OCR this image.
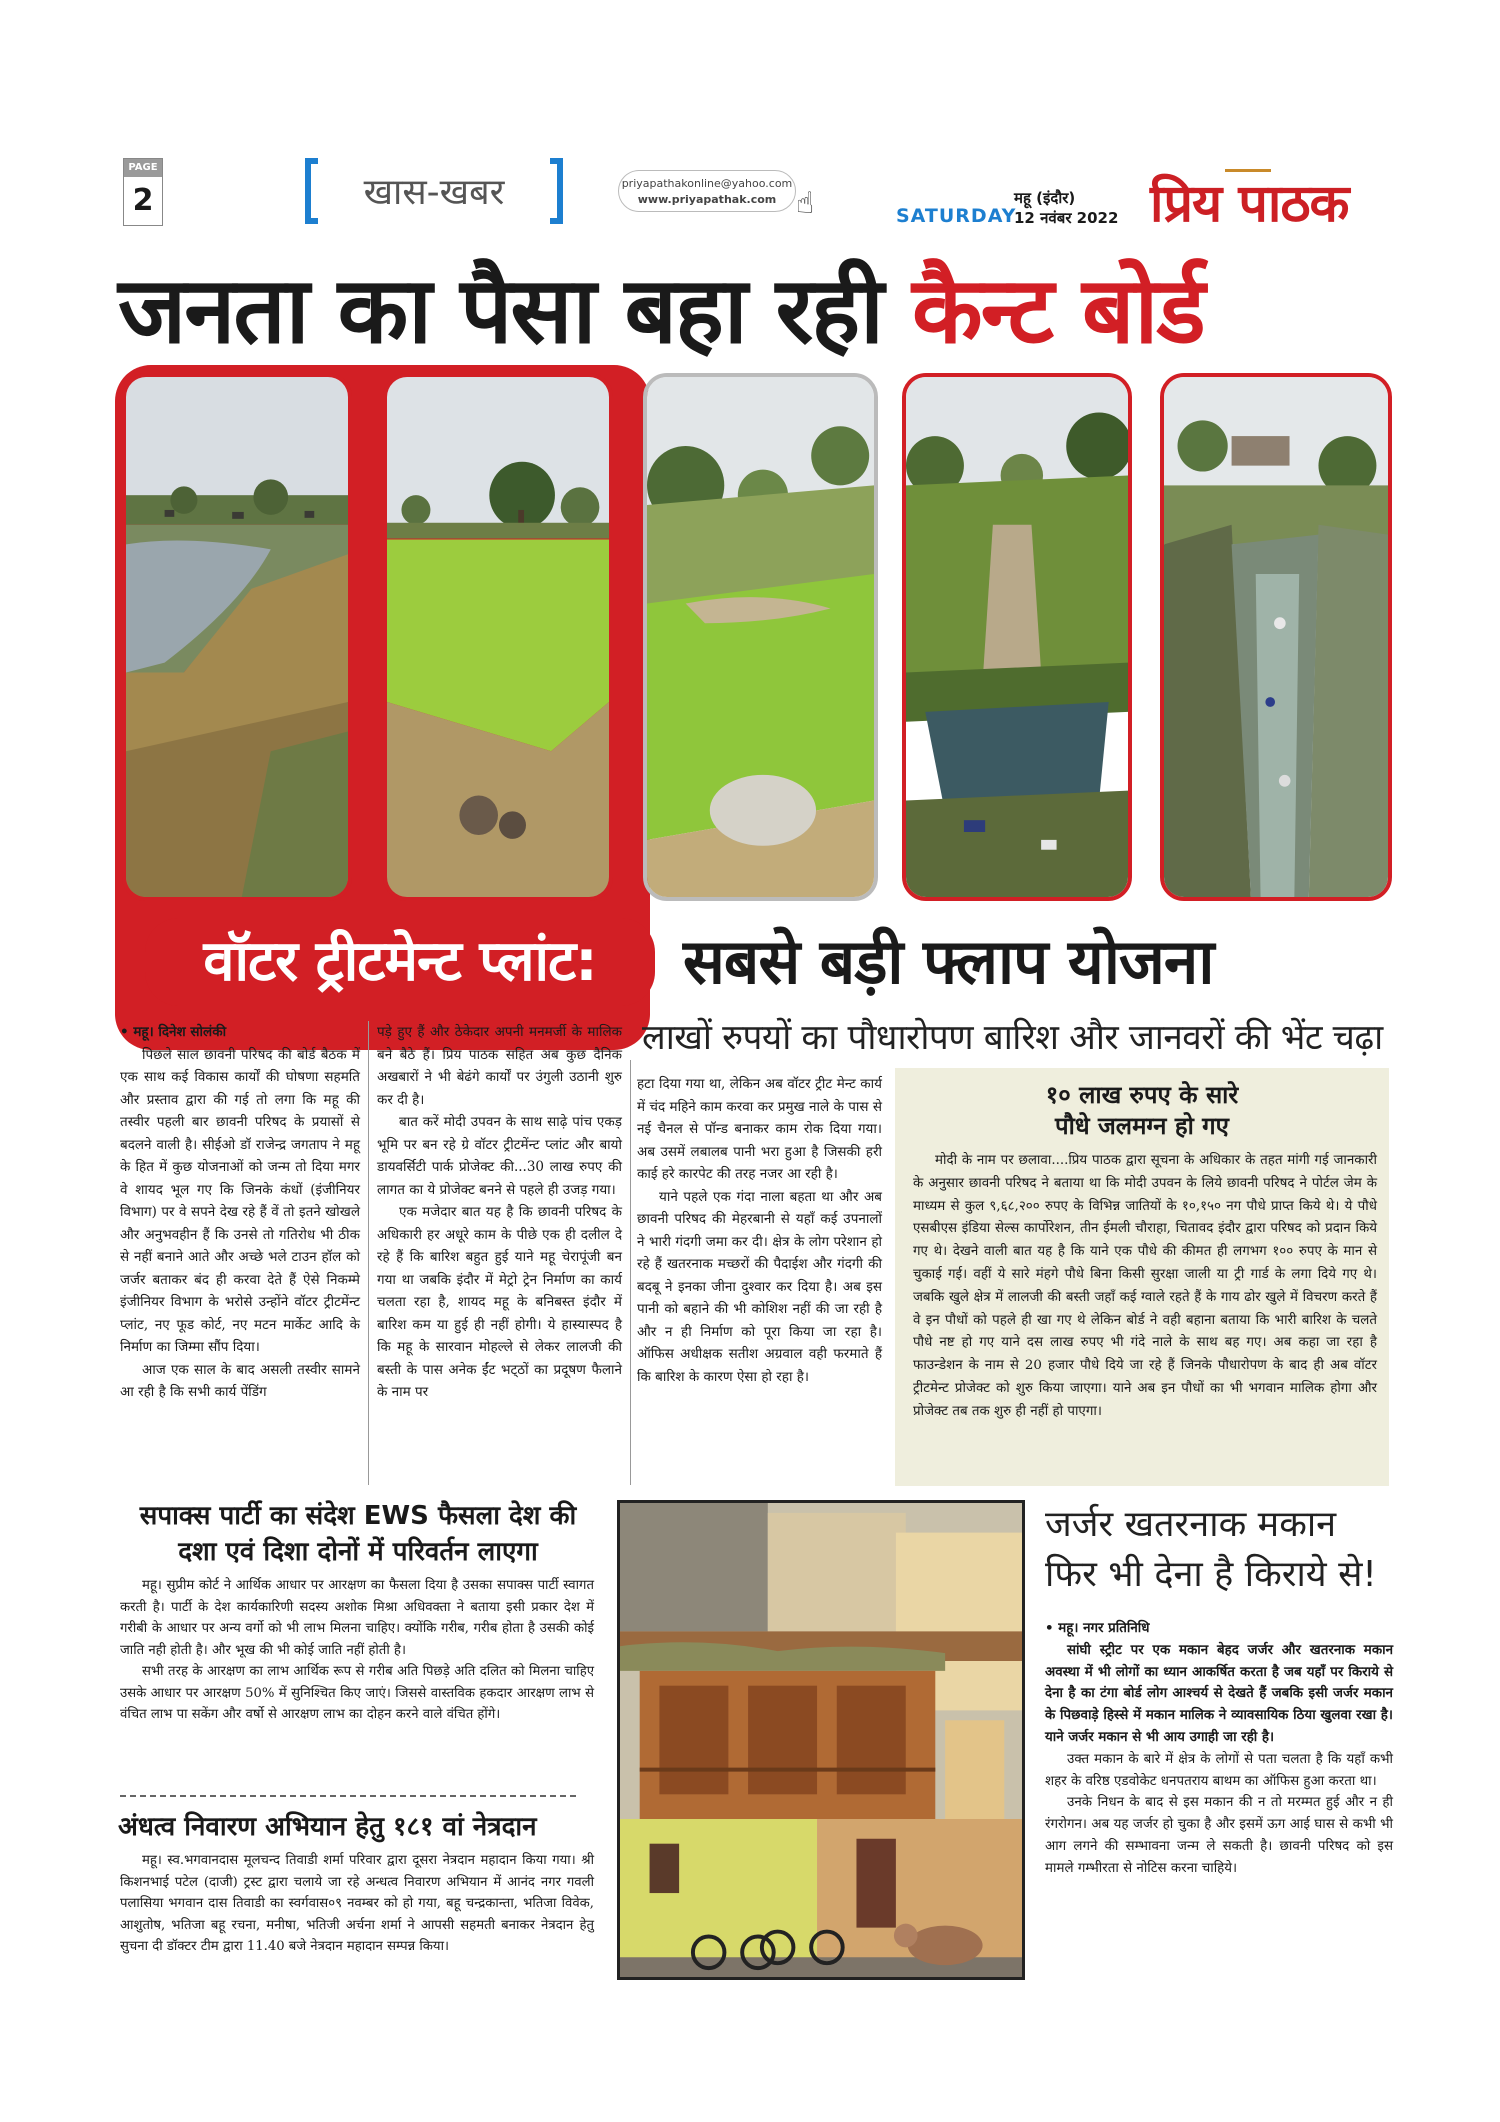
PAGE
2	खास-खबर	priyapathakonline@yahoo.com
www.priyapathak.com ☝	SATURDAY
महू (इंदौर)
12 नवंबर 2022 प्रिय पाठक
जनता का पैसा बहा रही कैन्ट बोर्ड
वॉटर ट्रीटमेन्ट प्लांट:	सबसे बड़ी फ्लाप योजना

• महू। दिनेश सोलंकी

पिछले साल छावनी परिषद की बोर्ड बैठक में एक साथ कई विकास कार्यों की घोषणा सहमति और प्रस्ताव द्वारा की गई तो लगा कि महू की तस्वीर पहली बार छावनी परिषद के प्रयासों से बदलने वाली है। सीईओ डॉ राजेन्द्र जगताप ने महू के हित में कुछ योजनाओं को जन्म तो दिया मगर वे शायद भूल गए कि जिनके कंधों (इंजीनियर विभाग) पर वे सपने देख रहे हैं वें तो इतने खोखले और अनुभवहीन हैं कि उनसे तो गतिरोध भी ठीक से नहीं बनाने आते और अच्छे भले टाउन हॉल को जर्जर बताकर बंद ही करवा देते हैं ऐसे निकम्मे इंजीनियर विभाग के भरोसे उन्होंने वॉटर ट्रीटमेंन्ट प्लांट, नए फूड कोर्ट, नए मटन मार्केट आदि के निर्माण का जिम्मा सौंप दिया।

आज एक साल के बाद असली तस्वीर सामने आ रही है कि सभी कार्य पेंडिंग

पड़े हुए हैं और ठेकेदार अपनी मनमर्जी के मालिक बने बैठे हैं। प्रिय पाठक सहित अब कुछ दैनिक अखबारों ने भी बेढंगे कार्यों पर उंगुली उठानी शुरु कर दी है।

बात करें मोदी उपवन के साथ साढ़े पांच एकड़ भूमि पर बन रहे ग्रे वॉटर ट्रीटमेंन्ट प्लांट और बायो डायवर्सिटी पार्क प्रोजेक्ट की...30 लाख रुपए की लागत का ये प्रोजेक्ट बनने से पहले ही उजड़ गया।

एक मजेदार बात यह है कि छावनी परिषद के अधिकारी हर अधूरे काम के पीछे एक ही दलील दे रहे हैं कि बारिश बहुत हुई याने महू चेरापूंजी बन गया था जबकि इंदौर में मेट्रो ट्रेन निर्माण का कार्य चलता रहा है, शायद महू के बनिबस्त इंदौर में बारिश कम या हुई ही नहीं होगी। ये हास्यास्पद है कि महू के सारवान मोहल्ले से लेकर लालजी की बस्ती के पास अनेक ईंट भट्‌ठों का प्रदूषण फैलाने के नाम पर

लाखों रुपयों का पौधारोपण बारिश और जानवरों की भेंट चढ़ा

हटा दिया गया था, लेकिन अब वॉटर ट्रीट मेन्ट कार्य में चंद महिने काम करवा कर प्रमुख नाले के पास से नई चैनल से पॉन्ड बनाकर काम रोक दिया गया। अब उसमें लबालब पानी भरा हुआ है जिसकी हरी काई हरे कारपेट की तरह नजर आ रही है।

याने पहले एक गंदा नाला बहता था और अब छावनी परिषद की मेहरबानी से यहाँ कई उपनालों ने भारी गंदगी जमा कर दी। क्षेत्र के लोग परेशान हो रहे हैं खतरनाक मच्छरों की पैदाईश और गंदगी की बदबू ने इनका जीना दुश्वार कर दिया है। अब इस पानी को बहाने की भी कोशिश नहीं की जा रही है और न ही निर्माण को पूरा किया जा रहा है। ऑफिस अधीक्षक सतीश अग्रवाल वही फरमाते हैं कि बारिश के कारण ऐसा हो रहा है।

१० लाख रुपए के सारे
पौधे जलमग्न हो गए

मोदी के नाम पर छलावा....प्रिय पाठक द्वारा सूचना के अधिकार के तहत मांगी गई जानकारी के अनुसार छावनी परिषद ने बताया था कि मोदी उपवन के लिये छावनी परिषद ने पोर्टल जेम के माध्यम से कुल ९,६८,२०० रुपए के विभिन्न जातियों के १०,१५० नग पौधे प्राप्त किये थे। ये पौधे एसबीएस इंडिया सेल्स कार्पोरेशन, तीन ईमली चौराहा, चितावद इंदौर द्वारा परिषद को प्रदान किये गए थे। देखने वाली बात यह है कि याने एक पौधे की कीमत ही लगभग १०० रुपए के मान से चुकाई गई। वहीं ये सारे मंहगे पौधे बिना किसी सुरक्षा जाली या ट्री गार्ड के लगा दिये गए थे। जबकि खुले क्षेत्र में लालजी की बस्ती जहाँ कई ग्वाले रहते हैं के गाय ढोर खुले में विचरण करते हैं वे इन पौधों को पहले ही खा गए थे लेकिन बोर्ड ने वही बहाना बताया कि भारी बारिश के चलते पौधे नष्ट हो गए याने दस लाख रुपए भी गंदे नाले के साथ बह गए। अब कहा जा रहा है फाउन्डेशन के नाम से 20 हजार पौधे दिये जा रहे हैं जिनके पौधारोपण के बाद ही अब वॉटर ट्रीटमेन्ट प्रोजेक्ट को शुरु किया जाएगा। याने अब इन पौधों का भी भगवान मालिक होगा और प्रोजेक्ट तब तक शुरु ही नहीं हो पाएगा।

सपाक्स पार्टी का संदेश EWS फैसला देश की दशा एवं दिशा दोनों में परिवर्तन लाएगा

महू। सुप्रीम कोर्ट ने आर्थिक आधार पर आरक्षण का फैसला दिया है उसका सपाक्स पार्टी स्वागत करती है। पार्टी के देश कार्यकारिणी सदस्य अशोक मिश्रा अधिवक्ता ने बताया इसी प्रकार देश में गरीबी के आधार पर अन्य वर्गो को भी लाभ मिलना चाहिए। क्योंकि गरीब, गरीब होता है उसकी कोई जाति नही होती है। और भूख की भी कोई जाति नहीं होती है।

सभी तरह के आरक्षण का लाभ आर्थिक रूप से गरीब अति पिछड़े अति दलित को मिलना चाहिए उसके आधार पर आरक्षण 50% में सुनिश्चित किए जाएं। जिससे वास्तविक हकदार आरक्षण लाभ से वंचित लाभ पा सकेंग और वर्षो से आरक्षण लाभ का दोहन करने वाले वंचित होंगे।

अंधत्व निवारण अभियान हेतु १८१ वां नेत्रदान

महू। स्व.भगवानदास मूलचन्द तिवाडी शर्मा परिवार द्वारा दूसरा नेत्रदान महादान किया गया। श्री किशनभाई पटेल (दाजी) ट्रस्ट द्वारा चलाये जा रहे अन्धत्व निवारण अभियान में आनंद नगर गवली पलासिया भगवान दास तिवाडी का स्वर्गवास०९ नवम्बर को हो गया, बहू चन्द्रकान्ता, भतिजा विवेक, आशुतोष, भतिजा बहू रचना, मनीषा, भतिजी अर्चना शर्मा ने आपसी सहमती बनाकर नेत्रदान हेतु सुचना दी डॉक्टर टीम द्वारा 11.40 बजे नेत्रदान महादान सम्पन्न किया।

जर्जर खतरनाक मकान
फिर भी देना है किराये से!

• महू। नगर प्रतिनिधि

सांघी स्ट्रीट पर एक मकान बेहद जर्जर और खतरनाक मकान अवस्था में भी लोगों का ध्यान आकर्षित करता है जब यहाँ पर किराये से देना है का टंगा बोर्ड लोग आश्चर्य से देखते हैं जबकि इसी जर्जर मकान के पिछवाड़े हिस्से में मकान मालिक ने व्यावसायिक ठिया खुलवा रखा है। याने जर्जर मकान से भी आय उगाही जा रही है।

उक्त मकान के बारे में क्षेत्र के लोगों से पता चलता है कि यहाँ कभी शहर के वरिष्ठ एडवोकेट धनपतराय बाथम का ऑफिस हुआ करता था।

उनके निधन के बाद से इस मकान की न तो मरम्मत हुई और न ही रंगरोगन। अब यह जर्जर हो चुका है और इसमें ऊग आई घास से कभी भी आग लगने की सम्भावना जन्म ले सकती है। छावनी परिषद को इस मामले गम्भीरता से नोटिस करना चाहिये।
